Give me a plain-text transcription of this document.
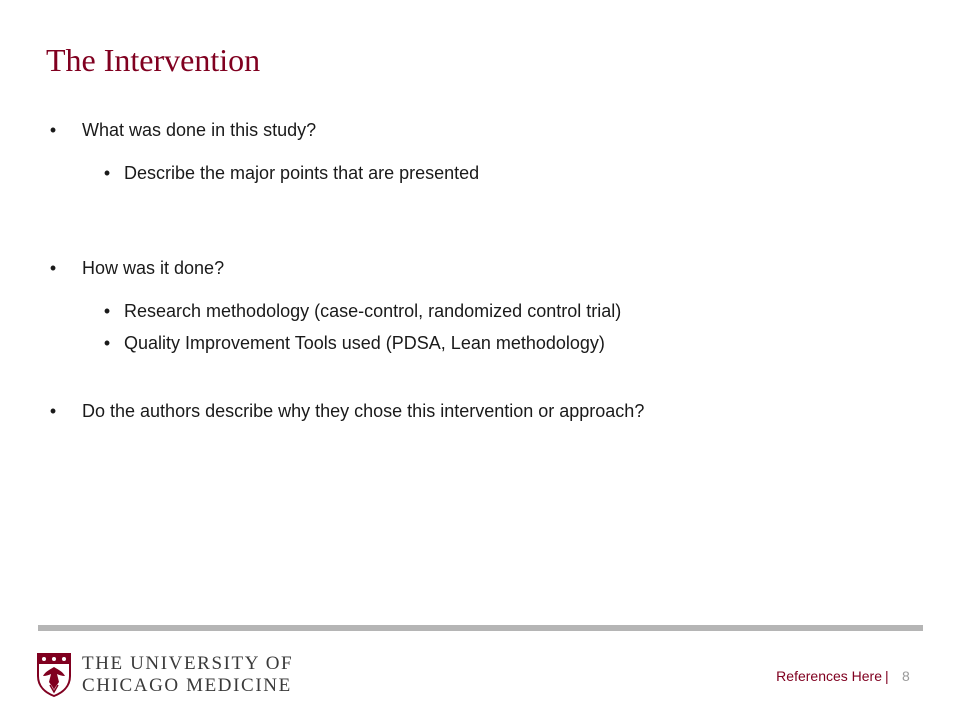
The Intervention
• What was done in this study?
• Describe the major points that are presented
• How was it done?
• Research methodology (case-control, randomized control trial)
• Quality Improvement Tools used (PDSA, Lean methodology)
• Do the authors describe why they chose this intervention or approach?
THE UNIVERSITY OF
CHICAGO MEDICINE	References Here | 8
